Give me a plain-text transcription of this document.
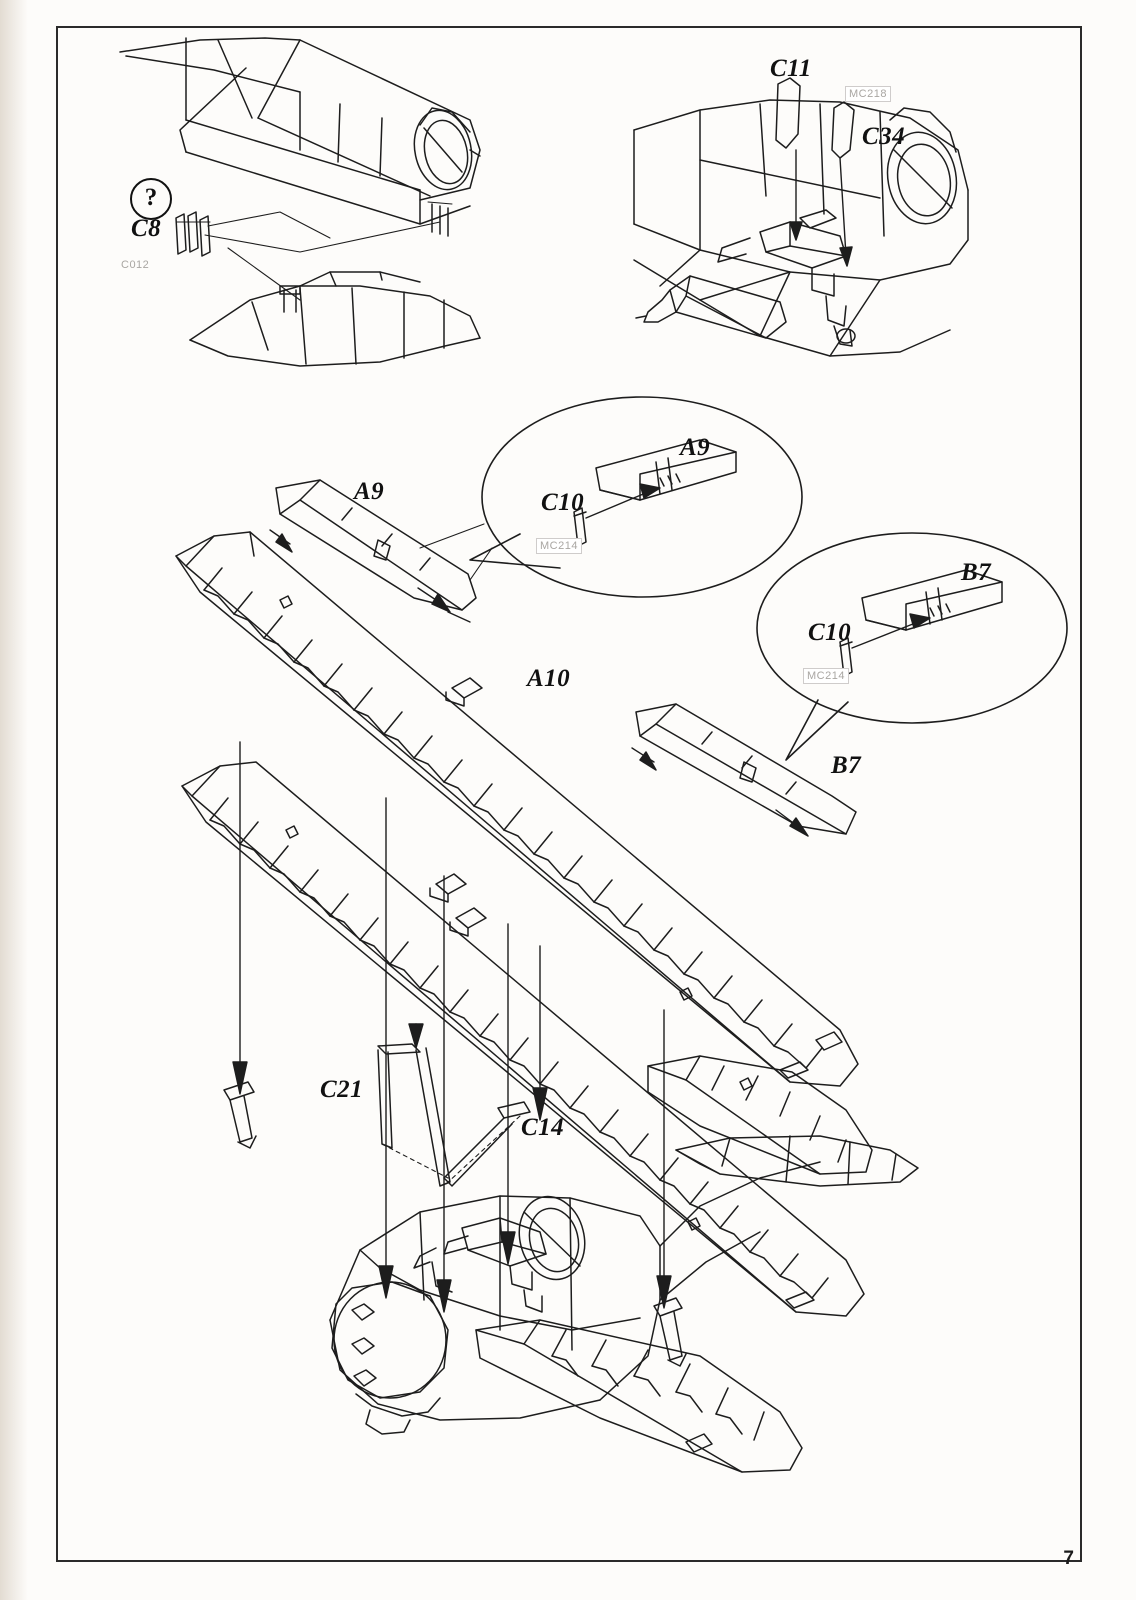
?
C8
C012
C11
MC218
C34
A9
C10
MC214
B7
C10
MC214
A9
A10
B7
C21
C14
7
